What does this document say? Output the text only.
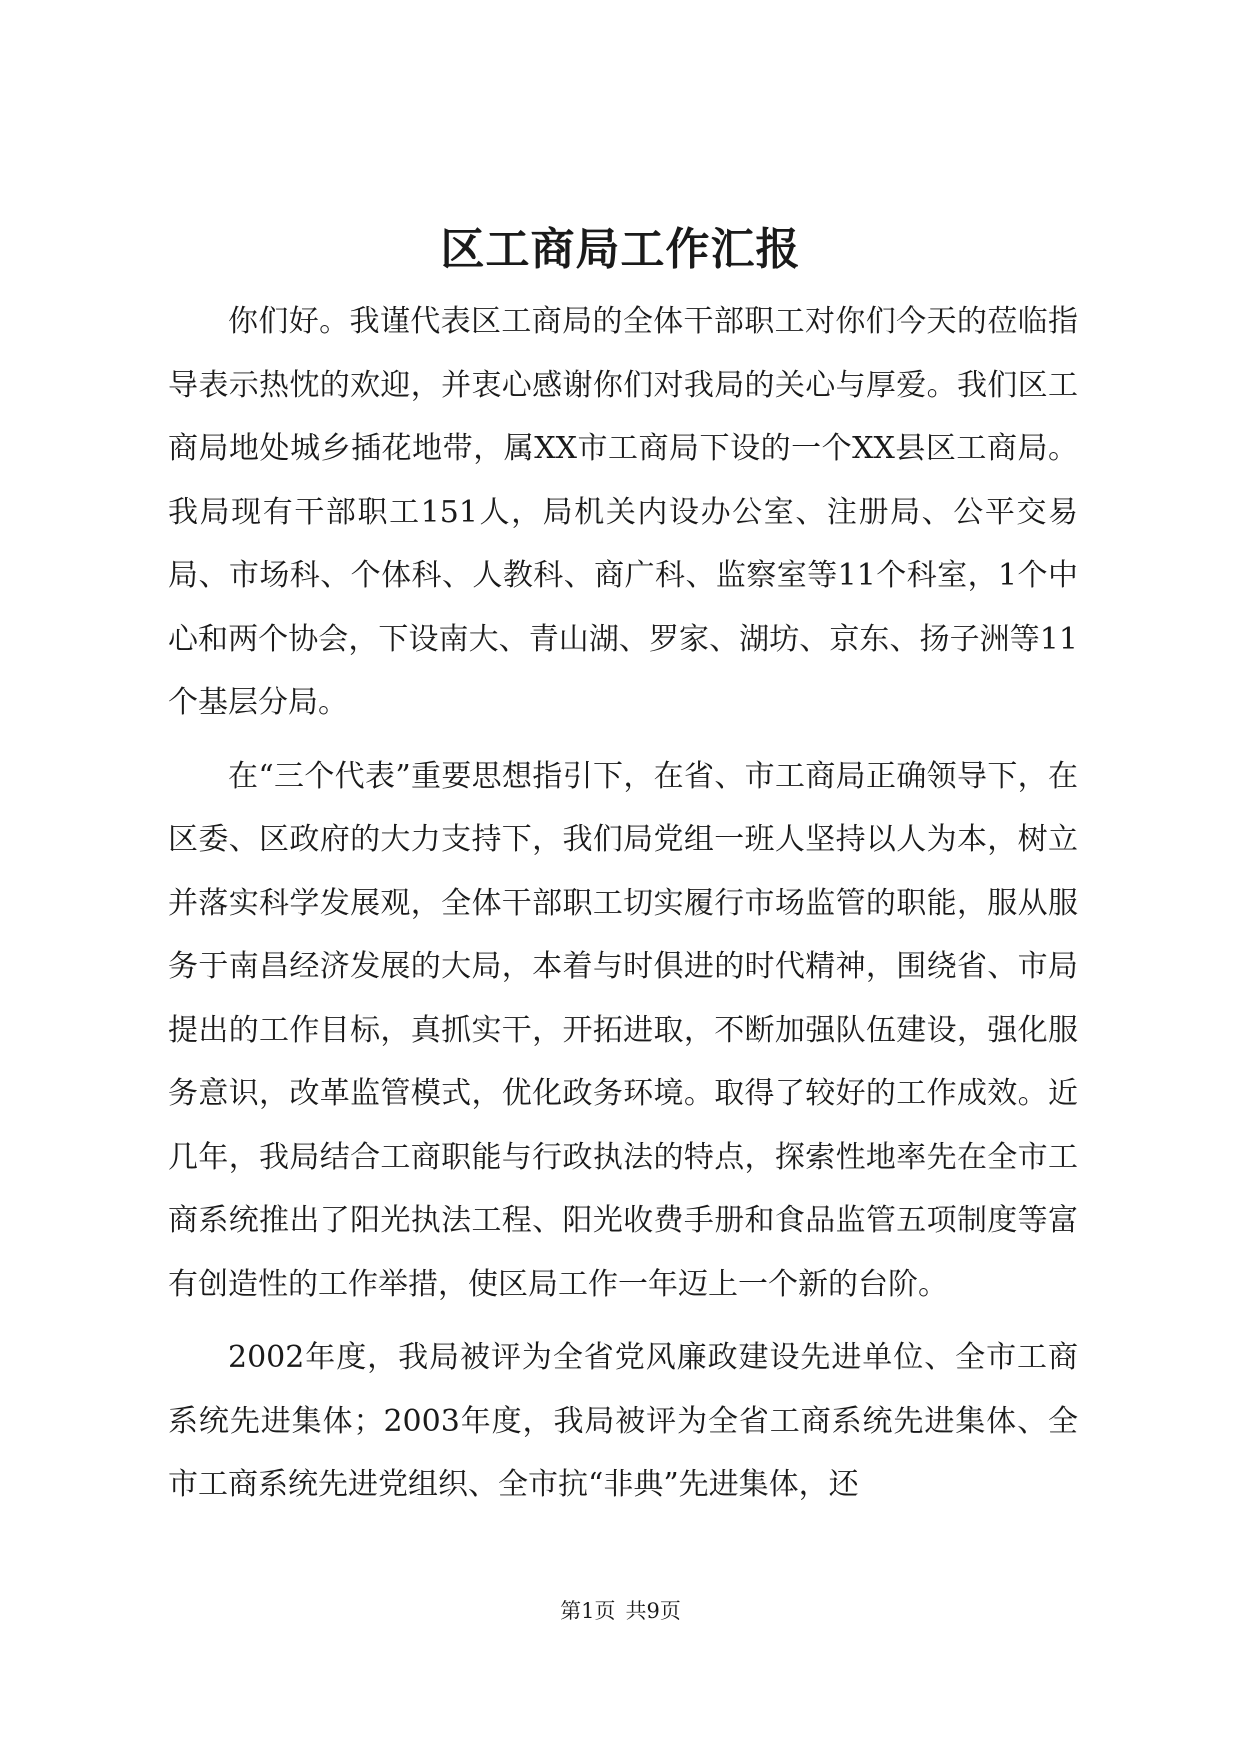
区工商局工作汇报

你们好。我谨代表区工商局的全体干部职工对你们今天的莅临指导表示热忱的欢迎，并衷心感谢你们对我局的关心与厚爱。我们区工商局地处城乡插花地带，属XX市工商局下设的一个XX县区工商局。我局现有干部职工151人，局机关内设办公室、注册局、公平交易局、市场科、个体科、人教科、商广科、监察室等11个科室，1个中心和两个协会，下设南大、青山湖、罗家、湖坊、京东、扬子洲等11个基层分局。

在“三个代表”重要思想指引下，在省、市工商局正确领导下，在区委、区政府的大力支持下，我们局党组一班人坚持以人为本，树立并落实科学发展观，全体干部职工切实履行市场监管的职能，服从服务于南昌经济发展的大局，本着与时俱进的时代精神，围绕省、市局提出的工作目标，真抓实干，开拓进取，不断加强队伍建设，强化服务意识，改革监管模式，优化政务环境。取得了较好的工作成效。近几年，我局结合工商职能与行政执法的特点，探索性地率先在全市工商系统推出了阳光执法工程、阳光收费手册和食品监管五项制度等富有创造性的工作举措，使区局工作一年迈上一个新的台阶。

2002年度，我局被评为全省党风廉政建设先进单位、全市工商系统先进集体；2003年度，我局被评为全省工商系统先进集体、全市工商系统先进党组织、全市抗“非典”先进集体，还

第1页 共9页
